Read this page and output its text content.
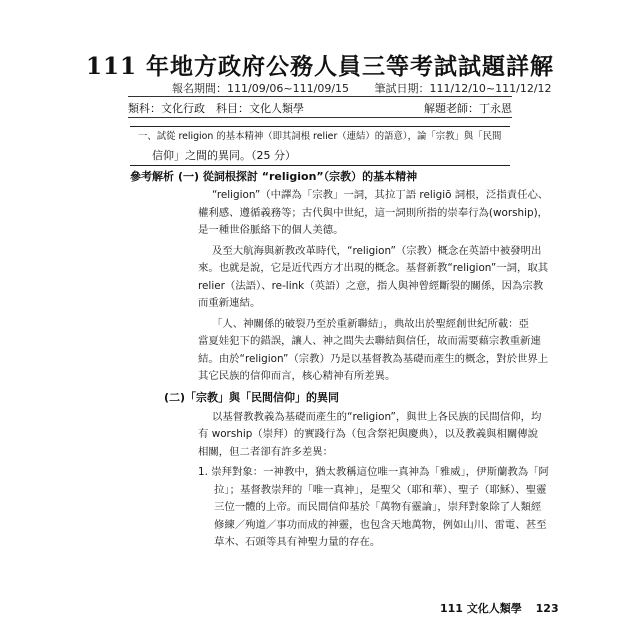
111 年地方政府公務人員三等考試試題詳解
報名期間：111/09/06~111/09/15 筆試日期：111/12/10~111/12/12
類科：文化行政　科目：文化人類學	解題老師：丁永恩
一、試從 religion 的基本精神（即其詞根 relier（連結）的語意），論「宗教」與「民間
信仰」之間的異同。（25 分）
參考解析 (一) 從詞根探討 “religion”（宗教）的基本精神
“religion”（中譯為「宗教」一詞，其拉丁語 religiō 詞根，泛指責任心、
權利感、遵循義務等；古代與中世紀，這一詞則所指的崇奉行為(worship)，
是一種世俗脈絡下的個人美德。
及至大航海與新教改革時代，“religion”（宗教）概念在英語中被發明出
來。也就是說，它是近代西方才出現的概念。基督新教“religion”一詞，取其
relier（法語）、re-link（英語）之意，指人與神曾經斷裂的關係，因為宗教
而重新連結。
「人、神關係的破裂乃至於重新聯結」，典故出於聖經創世紀所載：亞
當夏娃犯下的錯誤，讓人、神之間失去聯結與信任，故而需要藉宗教重新連
結。由於“religion”（宗教）乃是以基督教為基礎而產生的概念，對於世界上
其它民族的信仰而言，核心精神有所差異。
(二)「宗教」與「民間信仰」的異同
以基督教教義為基礎而產生的“religion”，與世上各民族的民間信仰，均
有 worship（崇拜）的實踐行為（包含祭祀與慶典），以及教義與相關傳說
相關，但二者卻有許多差異：
1. 崇拜對象：一神教中，猶太教稱這位唯一真神為「雅威」，伊斯蘭教為「阿
拉」；基督教崇拜的「唯一真神」，是聖父（耶和華）、聖子（耶穌）、聖靈
三位一體的上帝。而民間信仰基於「萬物有靈論」，崇拜對象除了人類經
修練／殉道／事功而成的神靈，也包含天地萬物，例如山川、雷電、甚至
草木、石頭等具有神聖力量的存在。
111 文化人類學 123
